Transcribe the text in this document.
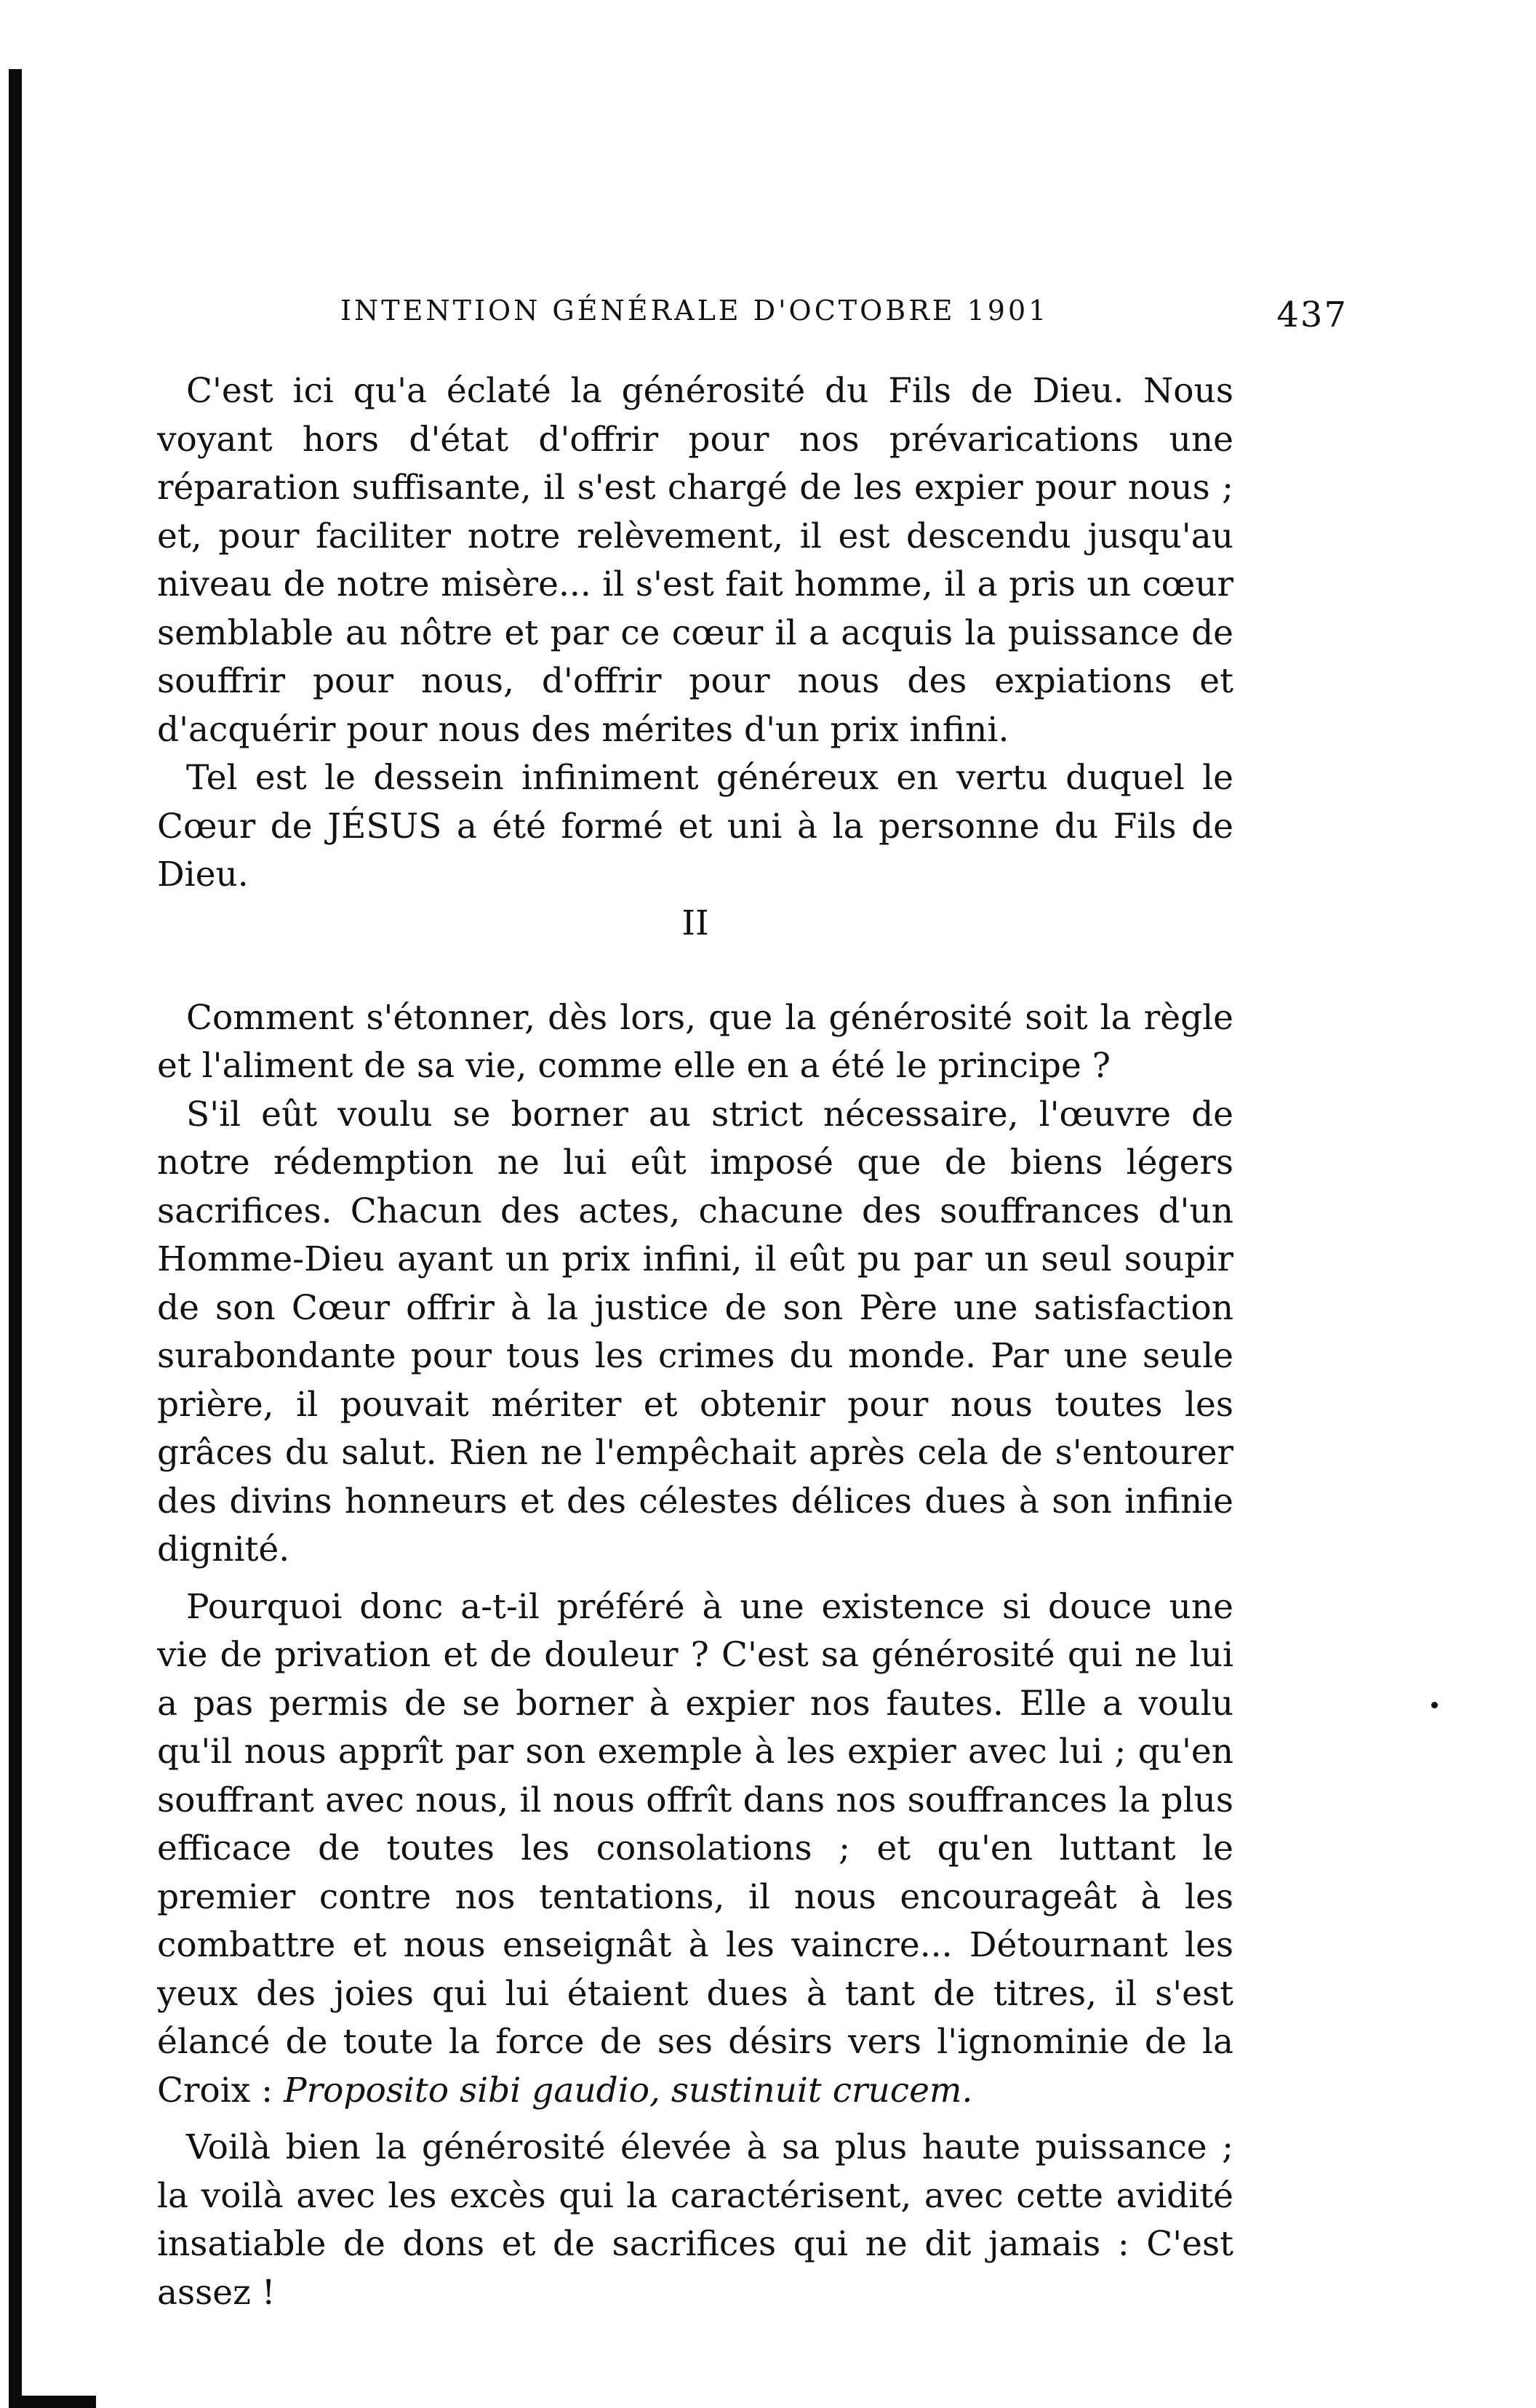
INTENTION GÉNÉRALE D'OCTOBRE 1901	437

C'est ici qu'a éclaté la générosité du Fils de Dieu. Nous voyant hors d'état d'offrir pour nos prévarications une réparation suffisante, il s'est chargé de les expier pour nous ; et, pour faciliter notre relèvement, il est descendu jusqu'au niveau de notre misère... il s'est fait homme, il a pris un cœur semblable au nôtre et par ce cœur il a acquis la puissance de souffrir pour nous, d'offrir pour nous des expiations et d'acquérir pour nous des mérites d'un prix infini.

Tel est le dessein infiniment généreux en vertu duquel le Cœur de JÉSUS a été formé et uni à la personne du Fils de Dieu.

II

Comment s'étonner, dès lors, que la générosité soit la règle et l'aliment de sa vie, comme elle en a été le principe ?

S'il eût voulu se borner au strict nécessaire, l'œuvre de notre rédemption ne lui eût imposé que de biens légers sacrifices. Chacun des actes, chacune des souffrances d'un Homme-Dieu ayant un prix infini, il eût pu par un seul soupir de son Cœur offrir à la justice de son Père une satisfaction surabondante pour tous les crimes du monde. Par une seule prière, il pouvait mériter et obtenir pour nous toutes les grâces du salut. Rien ne l'empêchait après cela de s'entourer des divins honneurs et des célestes délices dues à son infinie dignité.

Pourquoi donc a-t-il préféré à une existence si douce une vie de privation et de douleur ? C'est sa générosité qui ne lui a pas permis de se borner à expier nos fautes. Elle a voulu qu'il nous apprît par son exemple à les expier avec lui ; qu'en souffrant avec nous, il nous offrît dans nos souffrances la plus efficace de toutes les consolations ; et qu'en luttant le premier contre nos tentations, il nous encourageât à les combattre et nous enseignât à les vaincre... Détournant les yeux des joies qui lui étaient dues à tant de titres, il s'est élancé de toute la force de ses désirs vers l'ignominie de la Croix : Proposito sibi gaudio, sustinuit crucem.

Voilà bien la générosité élevée à sa plus haute puissance ; la voilà avec les excès qui la caractérisent, avec cette avidité insatiable de dons et de sacrifices qui ne dit jamais : C'est assez !
